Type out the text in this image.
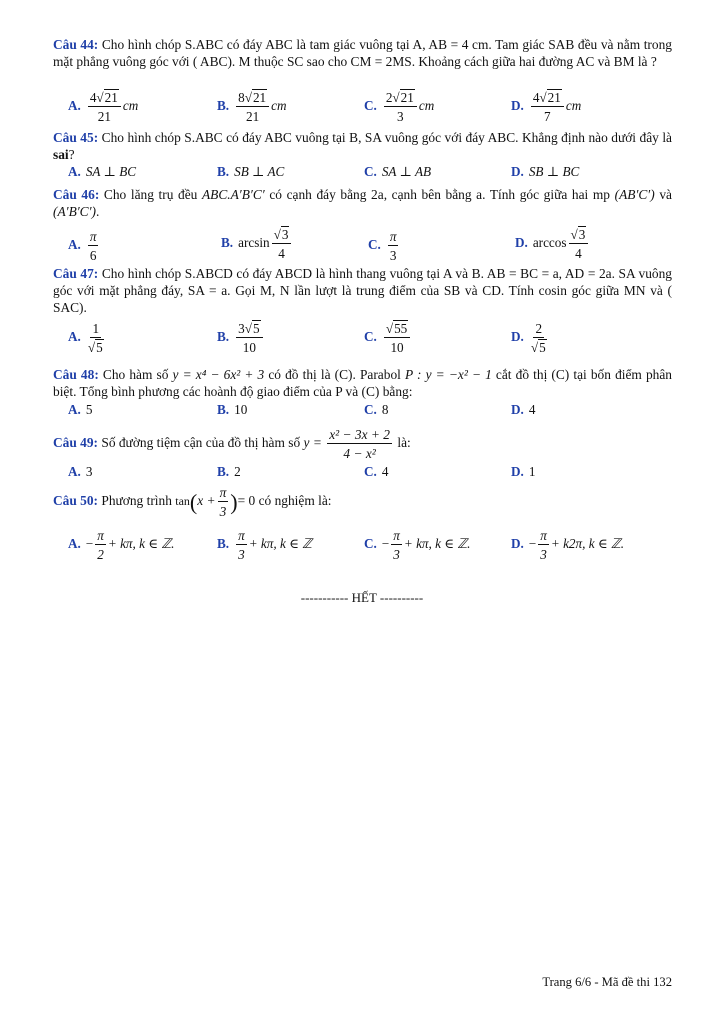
Câu 44: Cho hình chóp S.ABC có đáy ABC là tam giác vuông tại A, AB = 4 cm. Tam giác SAB đều và nằm trong mặt phẳng vuông góc với ( ABC). M thuộc SC sao cho CM = 2MS. Khoảng cách giữa hai đường AC và BM là ?
A. $\frac{4√21}{21}$ cm	B. $\frac{8√21}{21}$ cm	C. $\frac{2√21}{3}$ cm	D. $\frac{4√21}{7}$ cm
Câu 45: Cho hình chóp S.ABC có đáy ABC vuông tại B, SA vuông góc với đáy ABC. Khẳng định nào dưới đây là sai?
A. SA ⊥ BC	B. SB ⊥ AC	C. SA ⊥ AB	D. SB ⊥ BC
Câu 46: Cho lăng trụ đều ABC.A′B′C′ có cạnh đáy bằng 2a, cạnh bên bằng a. Tính góc giữa hai mp (AB′C′) và (A′B′C′).
A. $\frac{\pi}{6}$	B. $\arcsin \frac{√3}{4}$	C. $\frac{\pi}{3}$	D. $\arccos \frac{√3}{4}$
Câu 47: Cho hình chóp S.ABCD có đáy ABCD là hình thang vuông tại A và B. AB = BC = a, AD = 2a. SA vuông góc với mặt phẳng đáy, SA = a. Gọi M, N lần lượt là trung điểm của SB và CD. Tính cosin góc giữa MN và ( SAC).
A. $\frac{1}{√5}$	B. $\frac{3√5}{10}$	C. $\frac{√55}{10}$	D. $\frac{2}{√5}$
Câu 48: Cho hàm số y = x⁴ − 6x² + 3 có đồ thị là (C). Parabol P : y = −x² − 1 cắt đồ thị (C) tại bốn điểm phân biệt. Tổng bình phương các hoành độ giao điểm của P và (C) bằng:
A. 5	B. 10	C. 8	D. 4
Câu 49: Số đường tiệm cận của đồ thị hàm số $y = \frac{\text{x² − 3x + 2}}{\text{4 − x²}}$ là:
A. 3	B. 2	C. 4	D. 1
Câu 50: Phương trình $\tan(x + \frac{\pi}{3}$ )= 0 có nghiệm là:
A. − $\frac{\pi}{2} + k\pi$, k ∈ ℤ.	B. $\frac{\pi}{3} + k\pi$, k ∈ ℤ	C. − $\frac{\pi}{3} + k\pi$, k ∈ ℤ.	D. − $\frac{\pi}{3} + k2\pi$, k ∈ ℤ.
----------- HẾT ----------
Trang 6/6 - Mã đề thi 132
